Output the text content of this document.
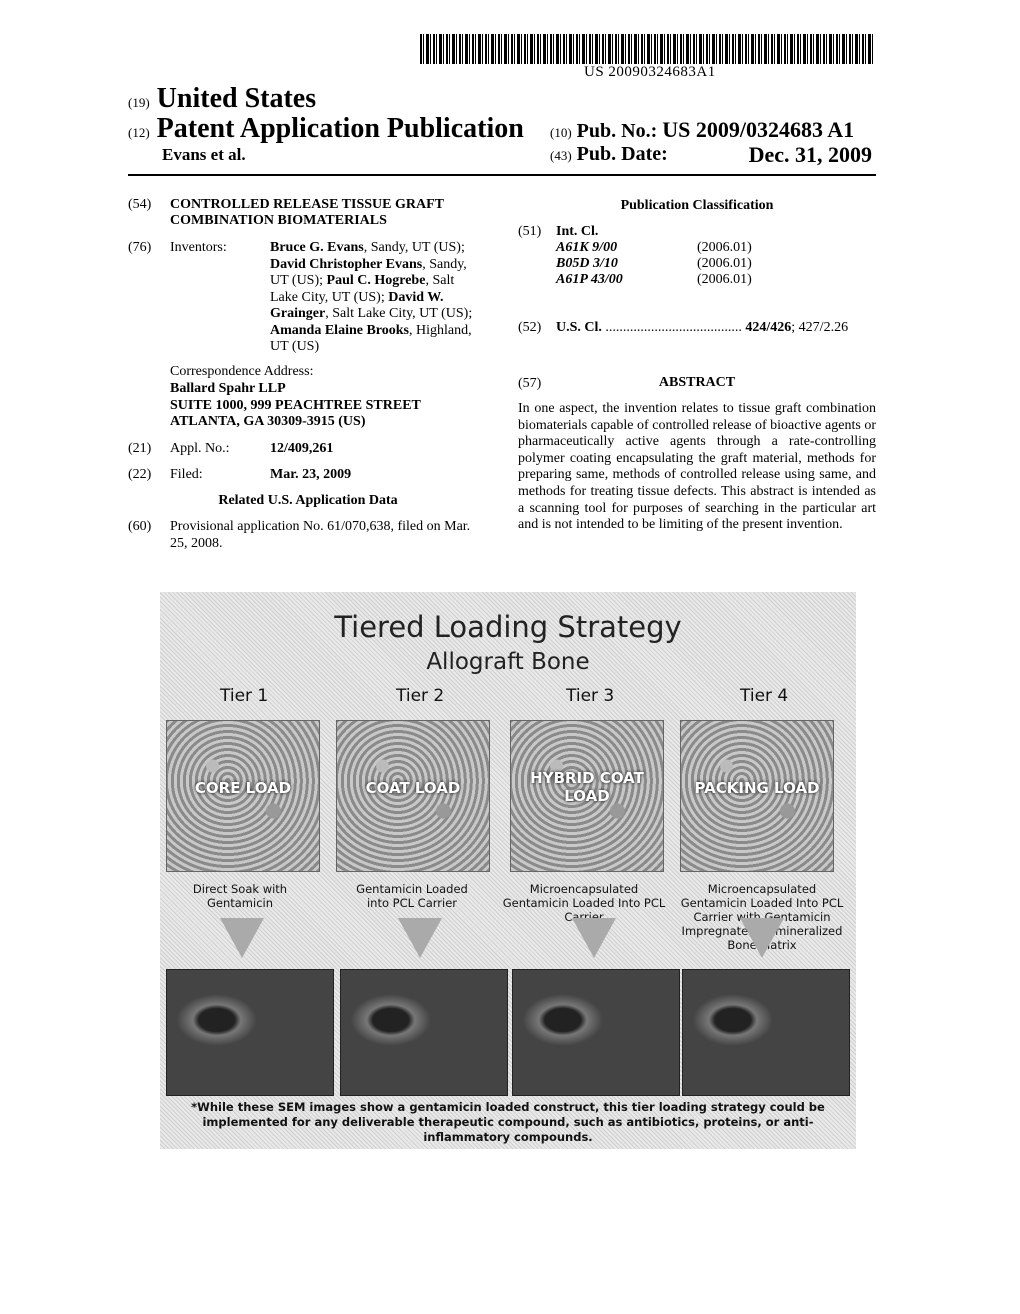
US 20090324683A1
(19) United States
(12) Patent Application Publication
Evans et al.
(10) Pub. No.: US 2009/0324683 A1
(43) Pub. Date:	Dec. 31, 2009
(54) CONTROLLED RELEASE TISSUE GRAFT
COMBINATION BIOMATERIALS
(76) Inventors:	Bruce G. Evans, Sandy, UT (US);
David Christopher Evans, Sandy,
UT (US); Paul C. Hogrebe, Salt
Lake City, UT (US); David W.
Grainger, Salt Lake City, UT (US);
Amanda Elaine Brooks, Highland,
UT (US)
Correspondence Address:
Ballard Spahr LLP
SUITE 1000, 999 PEACHTREE STREET
ATLANTA, GA 30309-3915 (US)
(21) Appl. No.:	12/409,261
(22) Filed:	Mar. 23, 2009
Related U.S. Application Data
(60) Provisional application No. 61/070,638, filed on Mar.
25, 2008.
Publication Classification
(51) Int. Cl.
A61K 9/00	(2006.01)
B05D 3/10	(2006.01)
A61P 43/00	(2006.01)
(52) U.S. Cl. ....................................... 424/426; 427/2.26
(57)	ABSTRACT
In one aspect, the invention relates to tissue graft combination biomaterials capable of controlled release of bioactive agents or pharmaceutically active agents through a rate-controlling polymer coating encapsulating the graft material, methods for preparing same, methods of controlled release using same, and methods for treating tissue defects. This abstract is intended as a scanning tool for purposes of searching in the particular art and is not intended to be limiting of the present invention.
Tiered Loading Strategy
Allograft Bone
Tier 1	Tier 2	Tier 3	Tier 4
CORE LOAD	COAT LOAD
HYBRID COAT LOAD	PACKING LOAD
Direct Soak with Gentamicin
Gentamicin Loaded into PCL Carrier
Microencapsulated Gentamicin Loaded Into PCL Carrier
Microencapsulated Gentamicin Loaded Into PCL Carrier with Gentamicin Impregnated Demineralized Bone Matrix
*While these SEM images show a gentamicin loaded construct, this tier loading strategy could be implemented for any deliverable therapeutic compound, such as antibiotics, proteins, or anti-inflammatory compounds.
